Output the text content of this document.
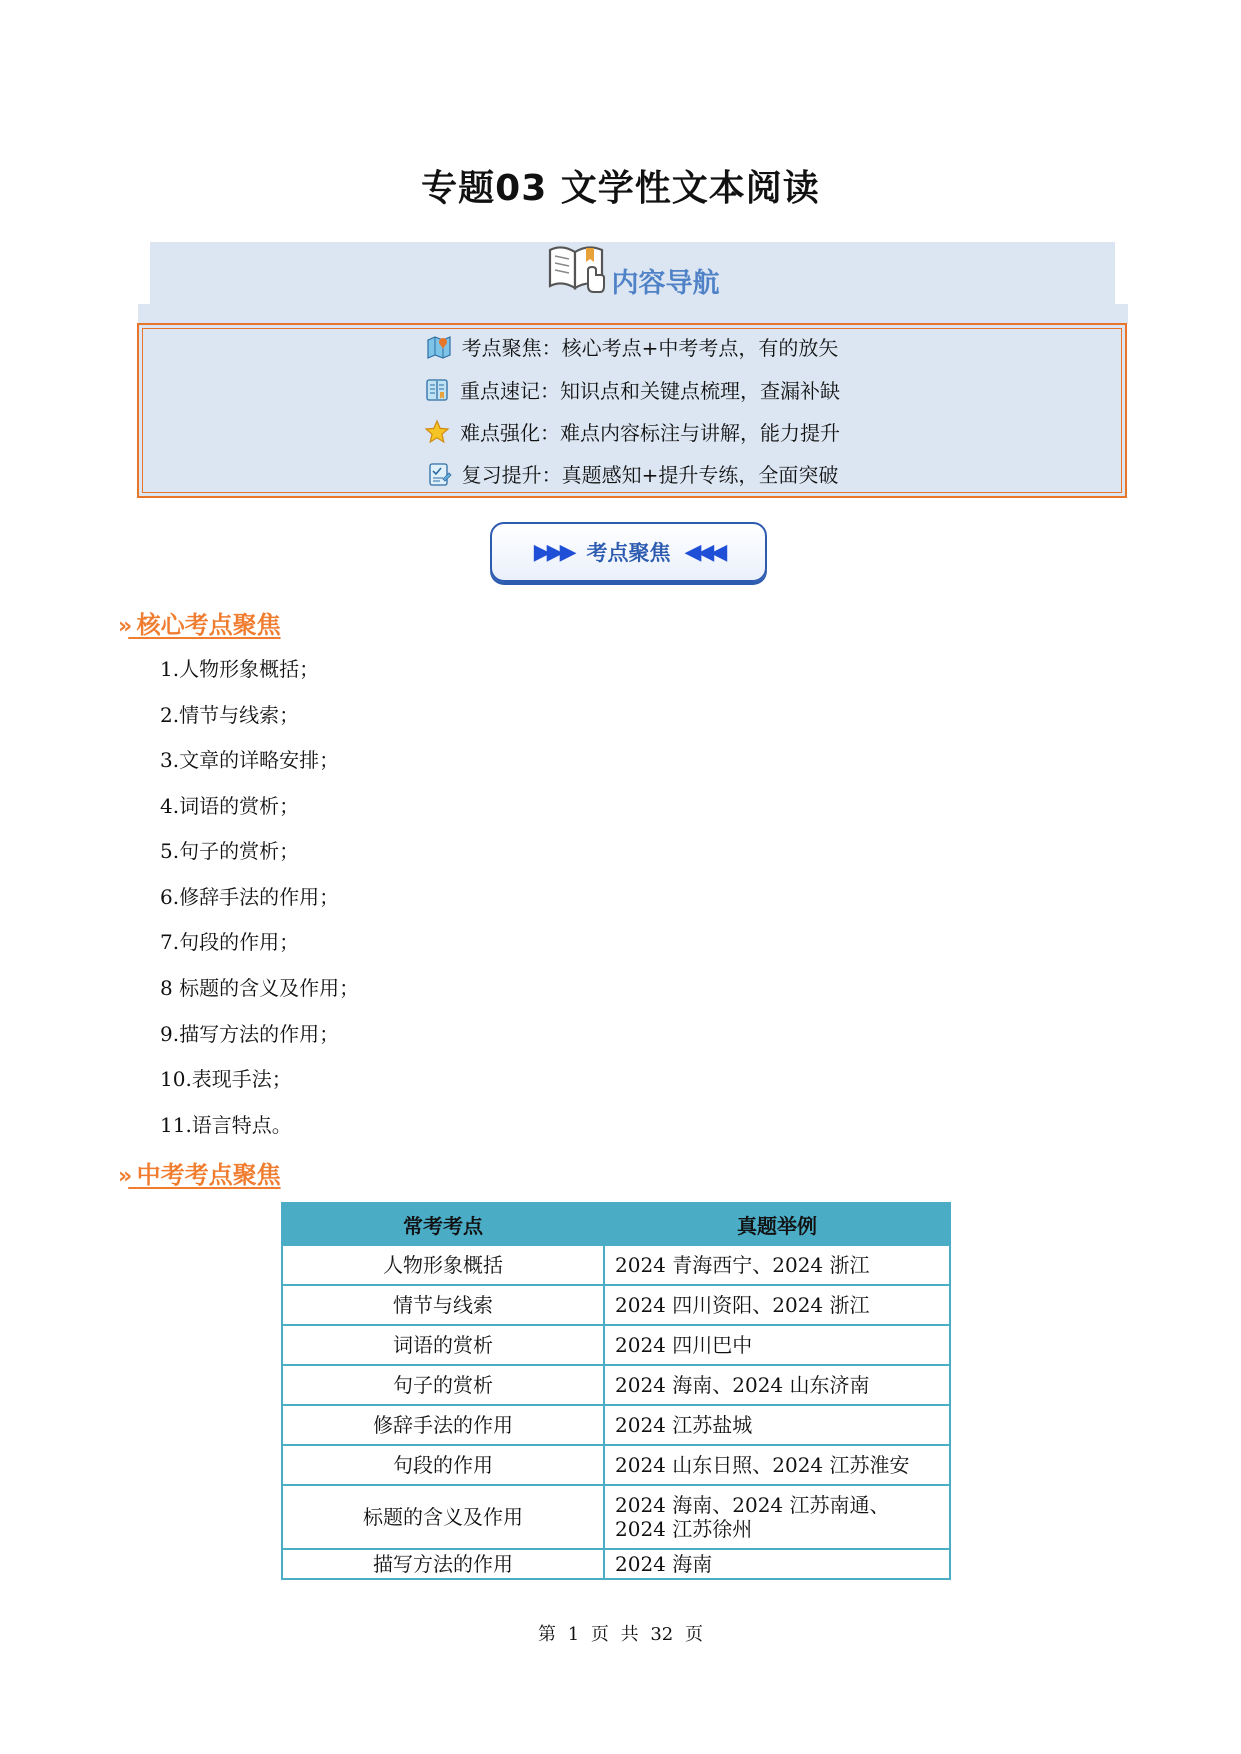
专题03 文学性文本阅读
内容导航
考点聚焦：核心考点+中考考点，有的放矢
重点速记：知识点和关键点梳理，查漏补缺
难点强化：难点内容标注与讲解，能力提升
复习提升：真题感知+提升专练，全面突破
▶▶▶ 考点聚焦 ◀◀◀
» 核心考点聚焦
1.人物形象概括；
2.情节与线索；
3.文章的详略安排；
4.词语的赏析；
5.句子的赏析；
6.修辞手法的作用；
7.句段的作用；
8 标题的含义及作用；
9.描写方法的作用；
10.表现手法；
11.语言特点。
» 中考考点聚焦
常考考点	真题举例
人物形象概括	2024 青海西宁、2024 浙江
情节与线索	2024 四川资阳、2024 浙江
词语的赏析	2024 四川巴中
句子的赏析	2024 海南、2024 山东济南
修辞手法的作用	2024 江苏盐城
句段的作用	2024 山东日照、2024 江苏淮安
标题的含义及作用	2024 海南、2024 江苏南通、2024 江苏徐州
描写方法的作用	2024 海南
第 1 页 共 32 页
